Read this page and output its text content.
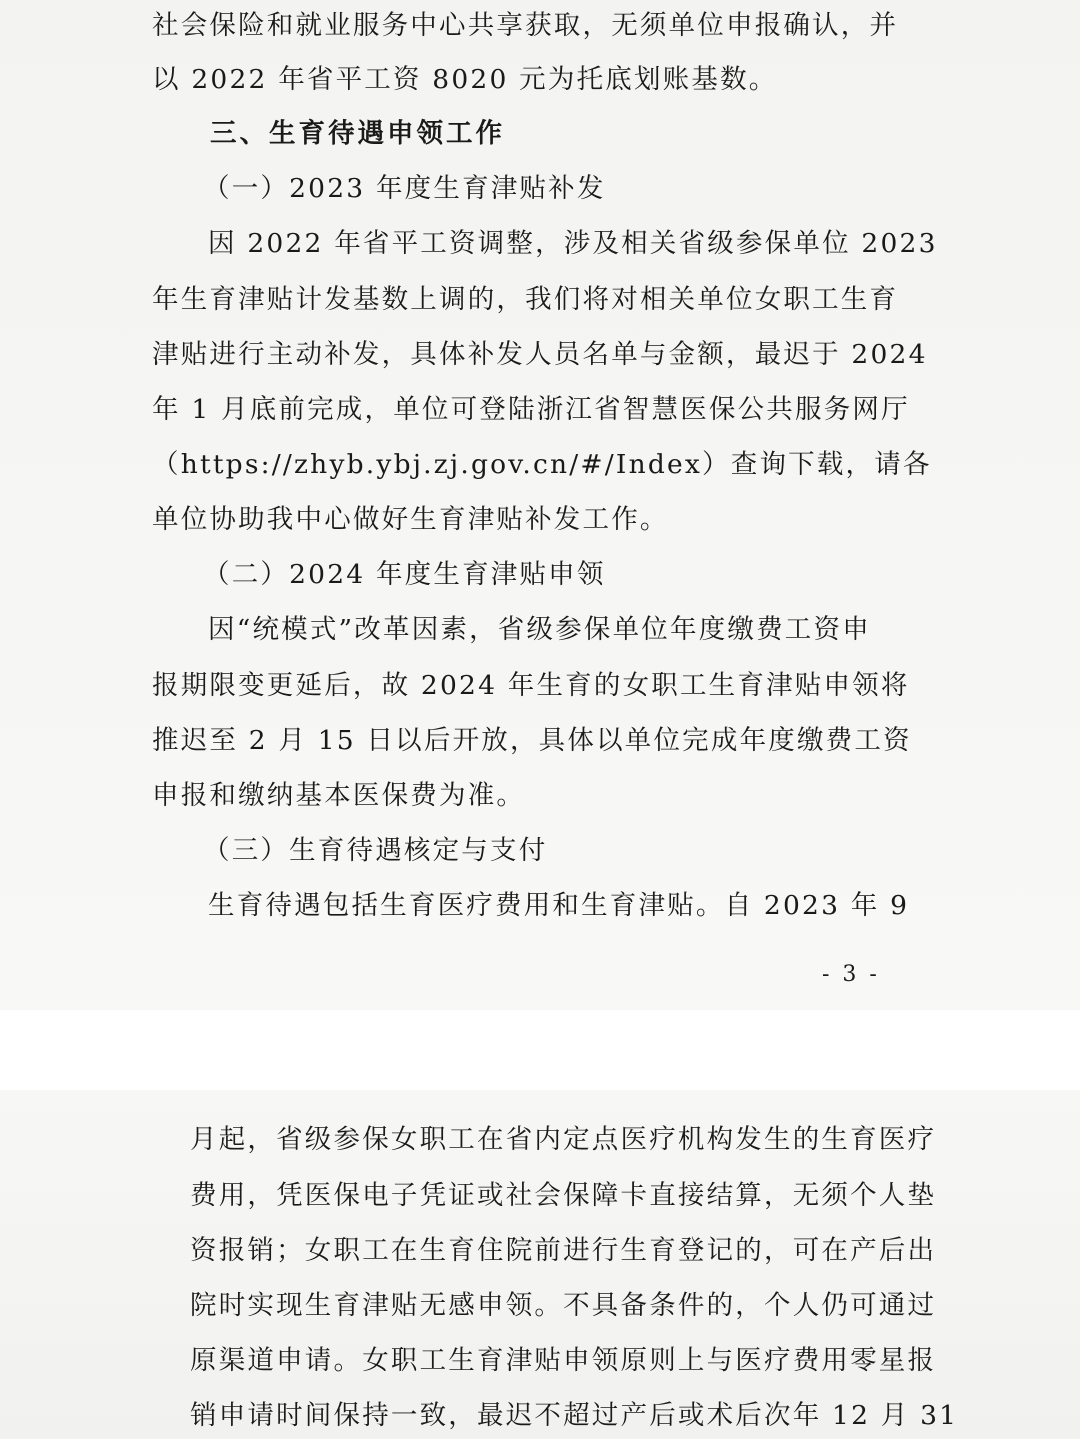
社会保险和就业服务中心共享获取，无须单位申报确认，并
以 2022 年省平工资 8020 元为托底划账基数。
三、生育待遇申领工作
（一）2023 年度生育津贴补发
因 2022 年省平工资调整，涉及相关省级参保单位 2023
年生育津贴计发基数上调的，我们将对相关单位女职工生育
津贴进行主动补发，具体补发人员名单与金额，最迟于 2024
年 1 月底前完成，单位可登陆浙江省智慧医保公共服务网厅
（https://zhyb.ybj.zj.gov.cn/#/Index）查询下载，请各
单位协助我中心做好生育津贴补发工作。
（二）2024 年度生育津贴申领
因“统模式”改革因素，省级参保单位年度缴费工资申
报期限变更延后，故 2024 年生育的女职工生育津贴申领将
推迟至 2 月 15 日以后开放，具体以单位完成年度缴费工资
申报和缴纳基本医保费为准。
（三）生育待遇核定与支付
生育待遇包括生育医疗费用和生育津贴。自 2023 年 9
- 3 -
月起，省级参保女职工在省内定点医疗机构发生的生育医疗
费用，凭医保电子凭证或社会保障卡直接结算，无须个人垫
资报销；女职工在生育住院前进行生育登记的，可在产后出
院时实现生育津贴无感申领。不具备条件的，个人仍可通过
原渠道申请。女职工生育津贴申领原则上与医疗费用零星报
销申请时间保持一致，最迟不超过产后或术后次年 12 月 31
